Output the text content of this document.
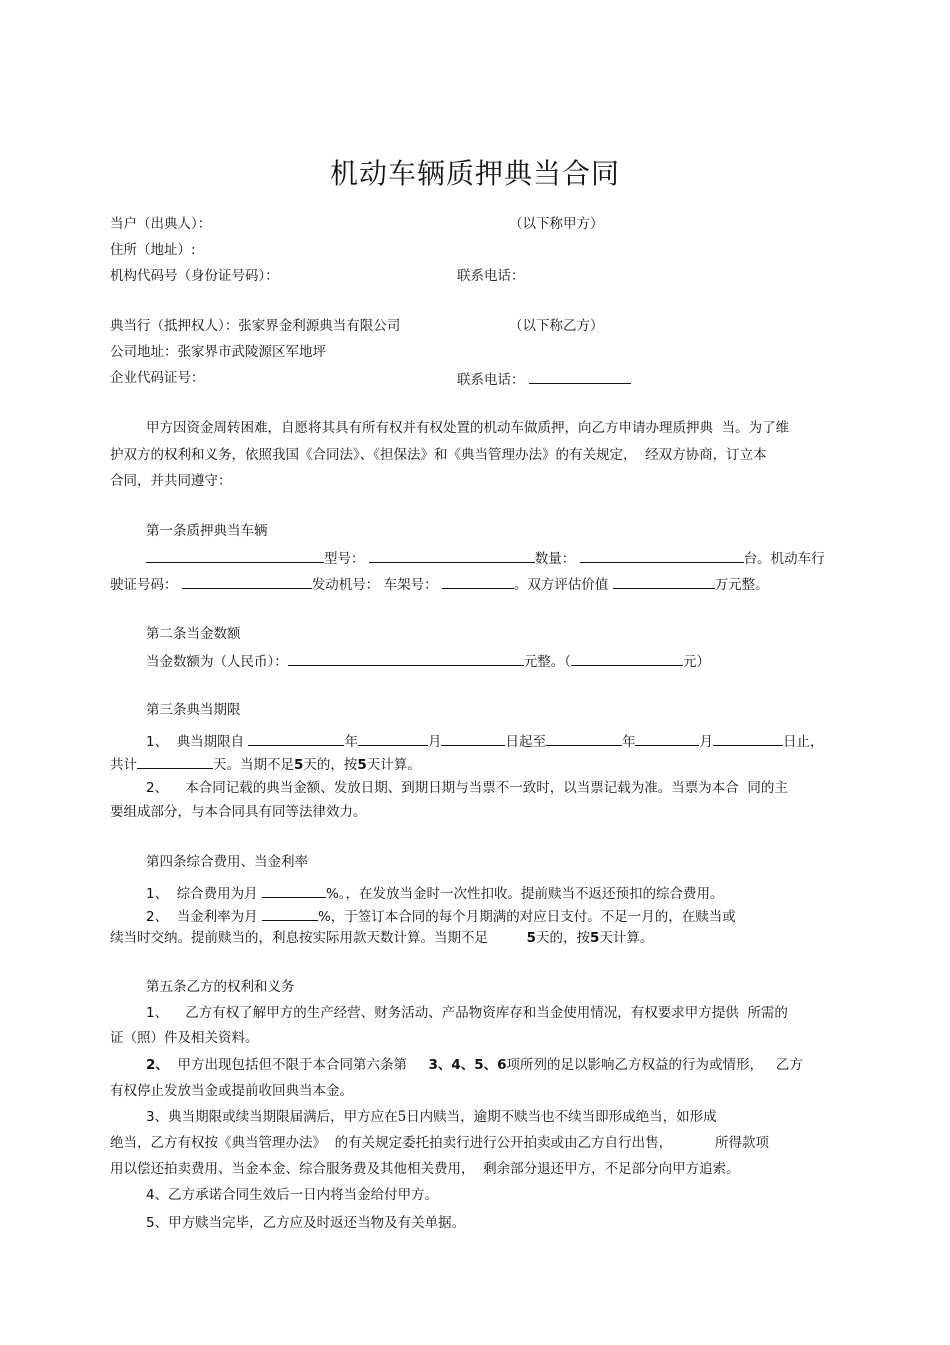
机动车辆质押典当合同
当户（出典人）：	（以下称甲方）
住所（地址）:
机构代码号（身份证号码）：	联系电话：
典当行（抵押权人）：张家界金利源典当有限公司	（以下称乙方）
公司地址：张家界市武陵源区军地坪
企业代码证号：	联系电话：
甲方因资金周转困难，自愿将其具有所有权并有权处置的机动车做质押，向乙方申请办理质押典  当。为了维
护双方的权利和义务，依照我国《合同法》、《担保法》和《典当管理办法》的有关规定，  经双方协商，订立本
合同，并共同遵守：
第一条质押典当车辆
型号：	数量：	台。机动车行
驶证号码：	发动机号： 车架号：	。双方评估价值	万元整。
第二条当金数额
当金数额为（人民币）：	元整。（	元）
第三条典当期限
1、 典当期限自	年	月	日起至	年	月	日止，
共计	天。当期不足5天的，按5天计算。
2、 本合同记载的典当金额、发放日期、到期日期与当票不一致时，以当票记载为准。当票为本合  同的主
要组成部分，与本合同具有同等法律效力。
第四条综合费用、当金利率
1、 综合费用为月	%。，在发放当金时一次性扣收。提前赎当不返还预扣的综合费用。
2、 当金利率为月	%，于签订本合同的每个月期满的对应日支付。不足一月的，在赎当或
续当时交纳。提前赎当的，利息按实际用款天数计算。当期不足	5天的，按5天计算。
第五条乙方的权利和义务
1、 乙方有权了解甲方的生产经营、财务活动、产品物资库存和当金使用情况，有权要求甲方提供  所需的
证（照）件及相关资料。
2、 甲方出现包括但不限于本合同第六条第 3、4、5、6项所列的足以影响乙方权益的行为或情形， 乙方
有权停止发放当金或提前收回典当本金。
3、典当期限或续当期限届满后，甲方应在5日内赎当，逾期不赎当也不续当即形成绝当，如形成
绝当，乙方有权按《典当管理办法》  的有关规定委托拍卖行进行公开拍卖或由乙方自行出售，	所得款项
用以偿还拍卖费用、当金本金、综合服务费及其他相关费用，  剩余部分退还甲方，不足部分向甲方追索。
4、乙方承诺合同生效后一日内将当金给付甲方。
5、甲方赎当完毕，乙方应及时返还当物及有关单据。
